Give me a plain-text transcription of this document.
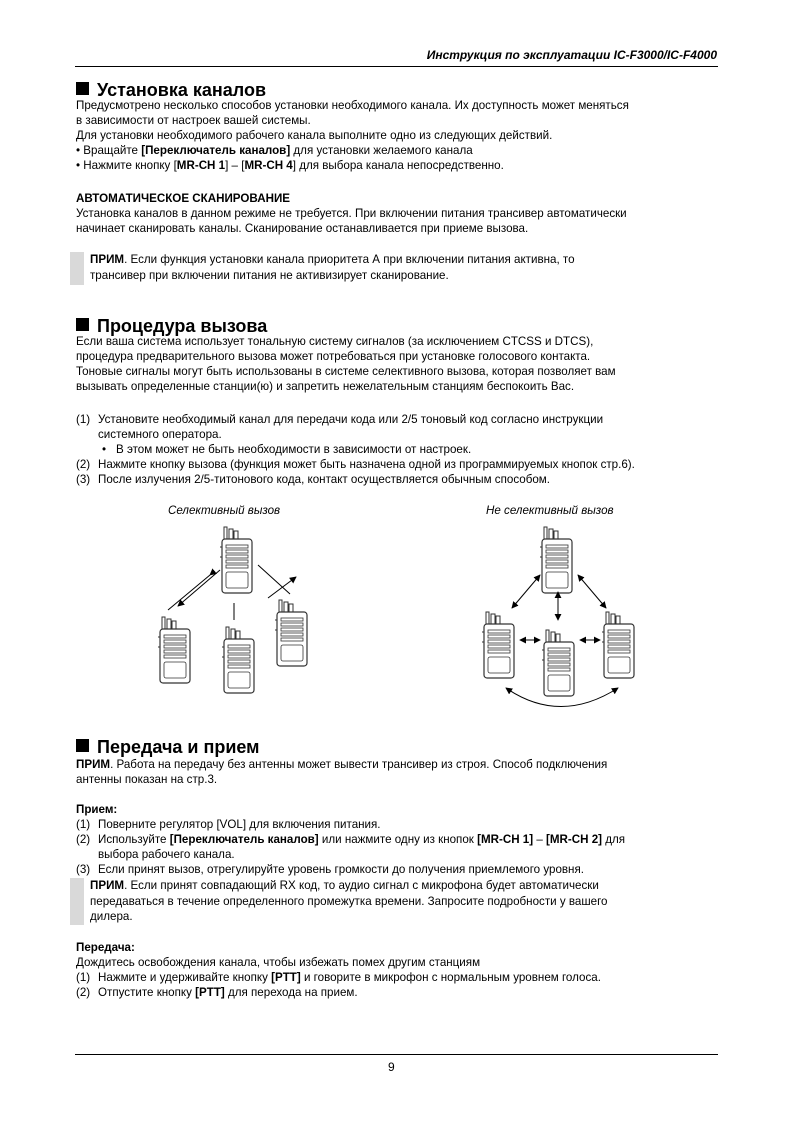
Инструкция по эксплуатации IC-F3000/IC-F4000
Установка каналов

Предусмотрено несколько способов установки необходимого канала. Их доступность может меняться

в зависимости от настроек вашей системы.

Для установки необходимого рабочего канала выполните одно из следующих действий.

• Вращайте [Переключатель каналов] для установки желаемого канала

• Нажмите кнопку [MR-CH 1] – [MR-CH 4] для выбора канала непосредственно.

АВТОМАТИЧЕСКОЕ СКАНИРОВАНИЕ

Установка каналов в данном режиме не требуется. При включении питания трансивер автоматически

начинает сканировать каналы. Сканирование останавливается при приеме вызова.

ПРИМ. Если функция установки канала приоритета А при включении питания активна, то

трансивер при включении питания не активизирует сканирование.

Процедура вызова

Если ваша система использует тональную систему сигналов (за исключением CTCSS и DTCS),

процедура предварительного вызова может потребоваться при установке голосового контакта.

Тоновые сигналы могут быть использованы в системе селективного вызова, которая позволяет вам

вызывать определенные станции(ю) и запретить нежелательным станциям беспокоить Вас.

(1) Установите необходимый канал для передачи кода или 2/5 тоновый код согласно инструкции
системного оператора.
• В этом может не быть необходимости в зависимости от настроек.
(2) Нажмите кнопку вызова (функция может быть назначена одной из программируемых кнопок стр.6).
(3) После излучения 2/5-титонового кода, контакт осуществляется обычным способом.
Селективный вызов	Не селективный вызов
Передача и прием

ПРИМ. Работа на передачу без антенны может вывести трансивер из строя. Способ подключения

антенны показан на стр.3.

Прием:

(1) Поверните регулятор [VOL] для включения питания.
(2) Используйте [Переключатель каналов] или нажмите одну из кнопок [MR-CH 1] – [MR-CH 2] для
выбора рабочего канала.
(3) Если принят вызов, отрегулируйте уровень громкости до получения приемлемого уровня.

ПРИМ. Если принят совпадающий RX код, то аудио сигнал с микрофона будет автоматически

передаваться в течение определенного промежутка времени. Запросите подробности у вашего

дилера.

Передача:

Дождитесь освобождения канала, чтобы избежать помех другим станциям

(1) Нажмите и удерживайте кнопку [PTT] и говорите в микрофон с нормальным уровнем голоса.
(2) Отпустите кнопку [PTT] для перехода на прием.
9
